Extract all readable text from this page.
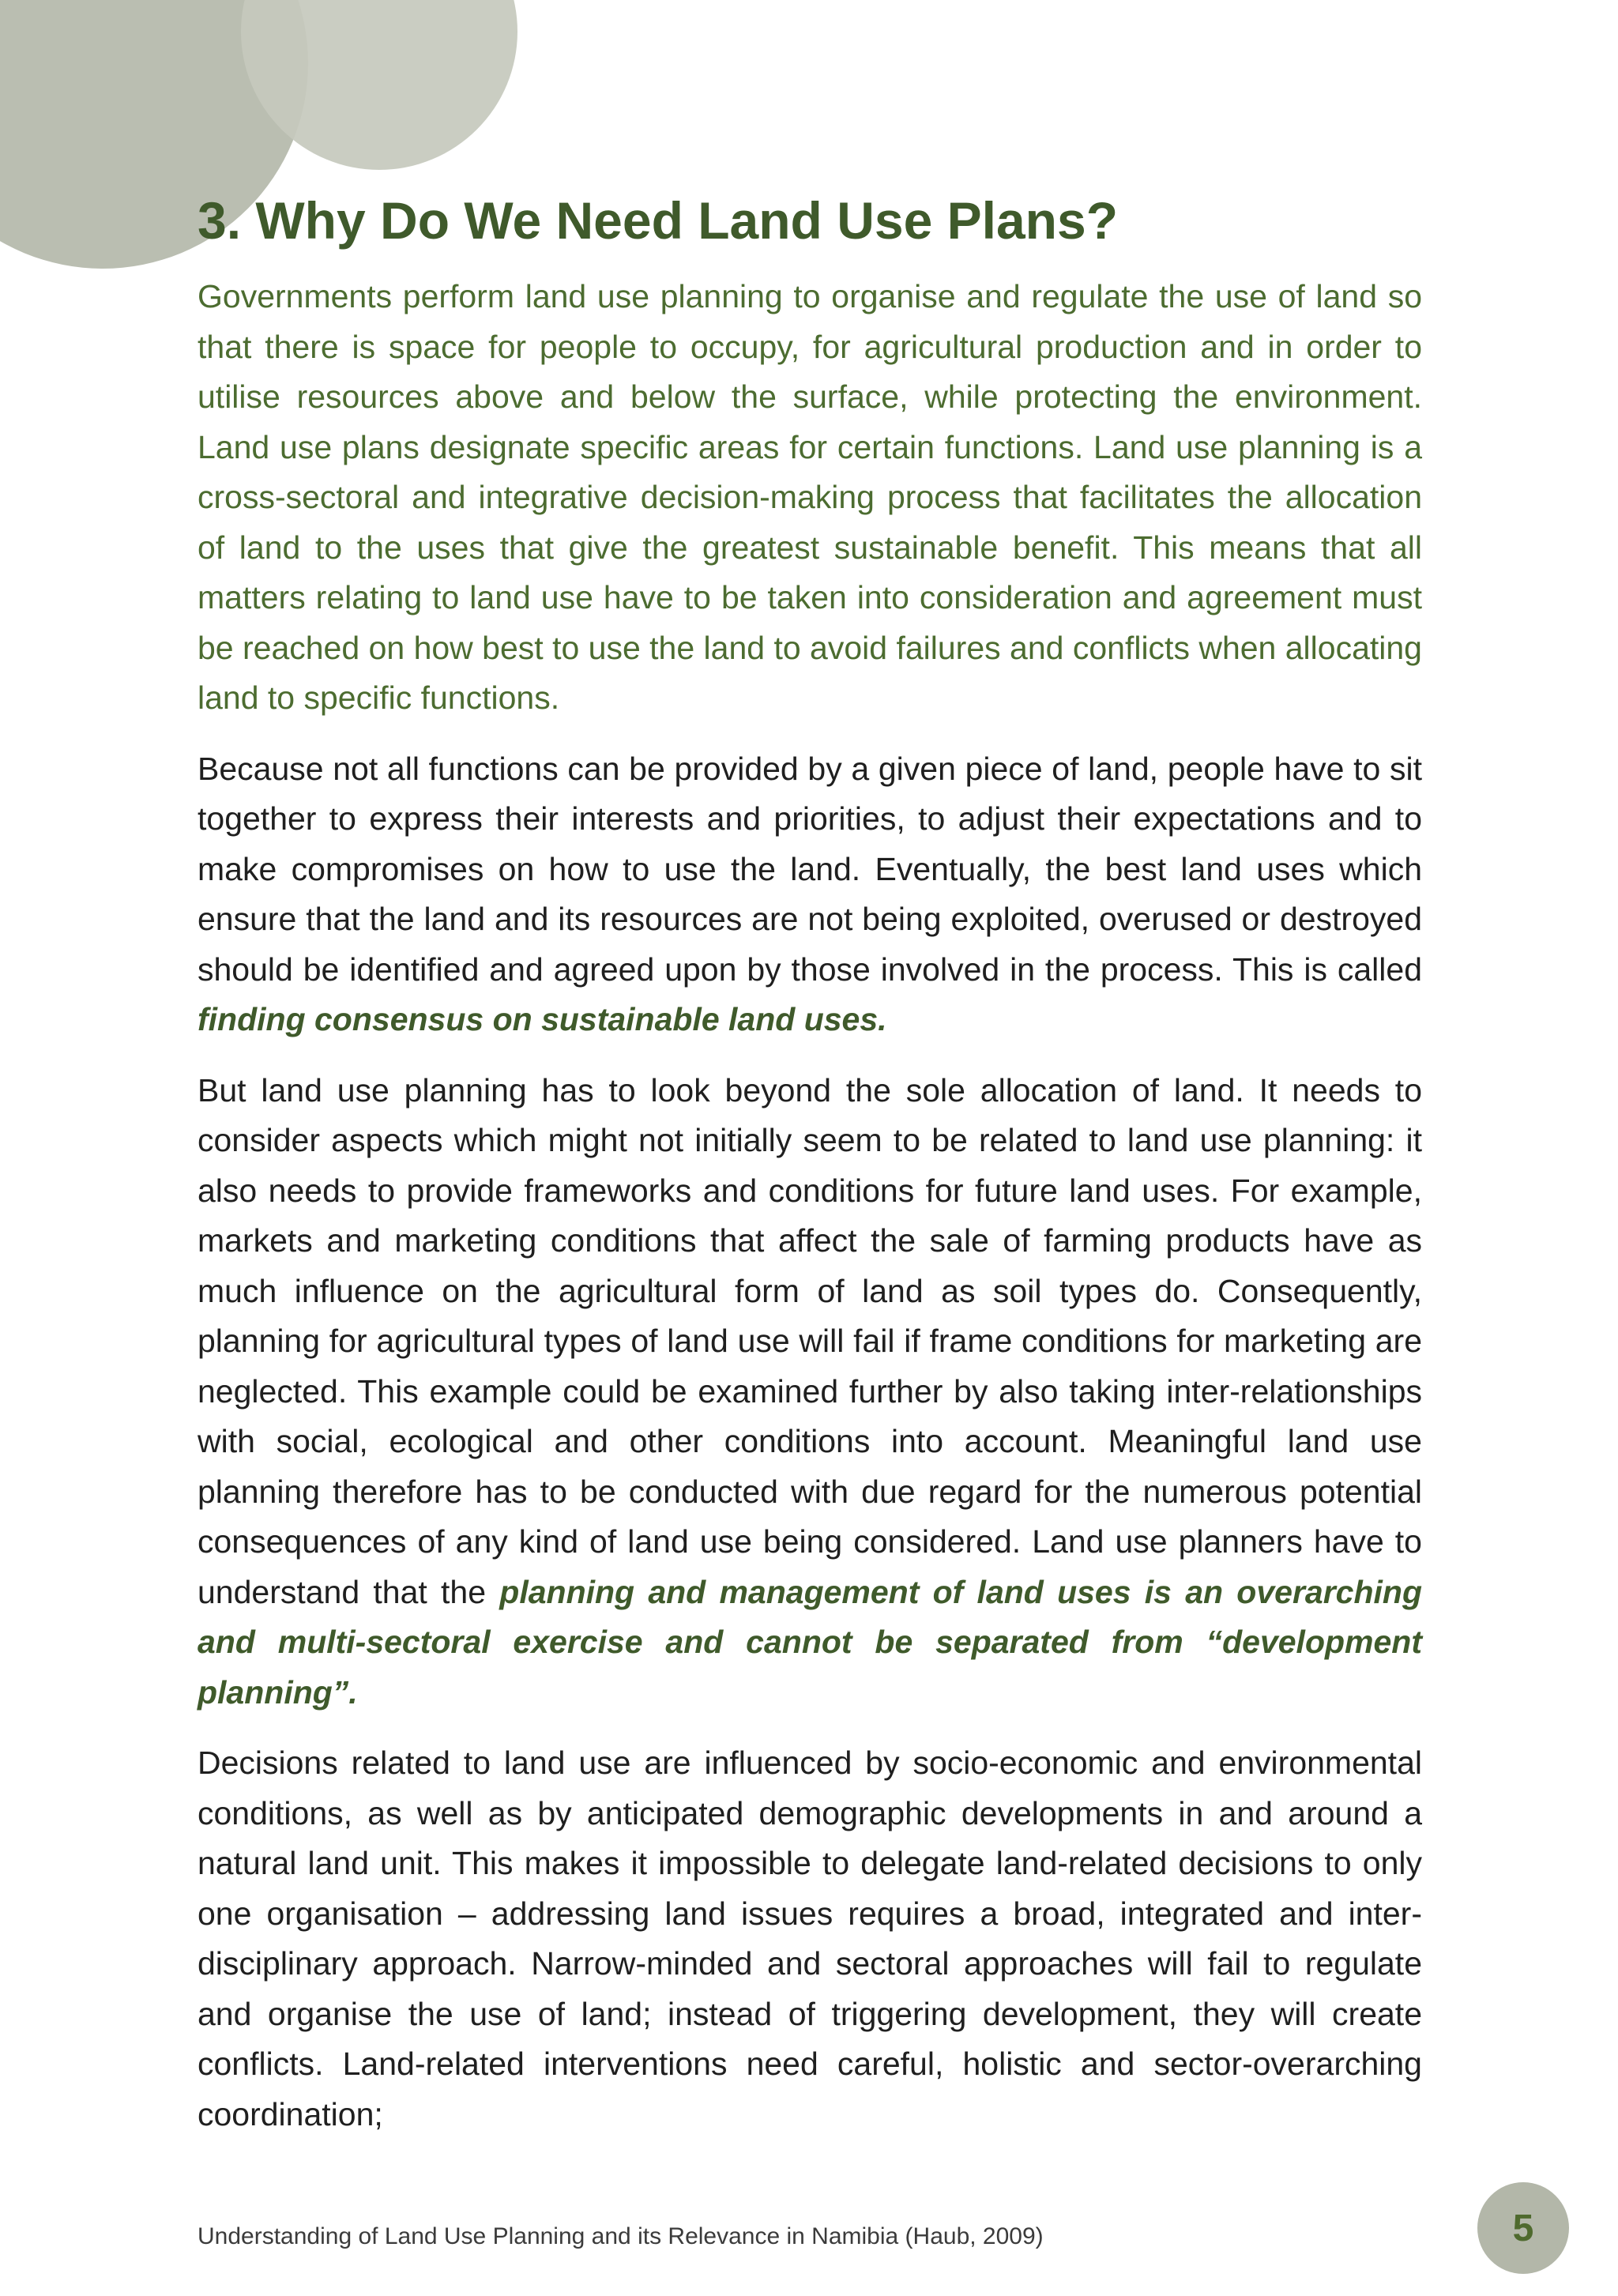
3. Why Do We Need Land Use Plans?

Governments perform land use planning to organise and regulate the use of land so that there is space for people to occupy, for agricultural production and in order to utilise resources above and below the surface, while protecting the environment. Land use plans designate specific areas for certain functions. Land use planning is a cross-sectoral and integrative decision-making process that facilitates the allocation of land to the uses that give the greatest sustainable benefit. This means that all matters relating to land use have to be taken into consideration and agreement must be reached on how best to use the land to avoid failures and conflicts when allocating land to specific functions.

Because not all functions can be provided by a given piece of land, people have to sit together to express their interests and priorities, to adjust their expectations and to make compromises on how to use the land. Eventually, the best land uses which ensure that the land and its resources are not being exploited, overused or destroyed should be identified and agreed upon by those involved in the process. This is called finding consensus on sustainable land uses.

But land use planning has to look beyond the sole allocation of land. It needs to consider aspects which might not initially seem to be related to land use planning: it also needs to provide frameworks and conditions for future land uses. For example, markets and marketing conditions that affect the sale of farming products have as much influence on the agricultural form of land as soil types do. Consequently, planning for agricultural types of land use will fail if frame conditions for marketing are neglected. This example could be examined further by also taking inter-relationships with social, ecological and other conditions into account. Meaningful land use planning therefore has to be conducted with due regard for the numerous potential consequences of any kind of land use being considered. Land use planners have to understand that the planning and management of land uses is an overarching and multi-sectoral exercise and cannot be separated from “development planning”.

Decisions related to land use are influenced by socio-economic and environmental conditions, as well as by anticipated demographic developments in and around a natural land unit. This makes it impossible to delegate land-related decisions to only one organisation – addressing land issues requires a broad, integrated and inter-disciplinary approach. Narrow-minded and sectoral approaches will fail to regulate and organise the use of land; instead of triggering development, they will create conflicts. Land-related interventions need careful, holistic and sector-overarching coordination;

Understanding of Land Use Planning and its Relevance in Namibia (Haub, 2009)	5
